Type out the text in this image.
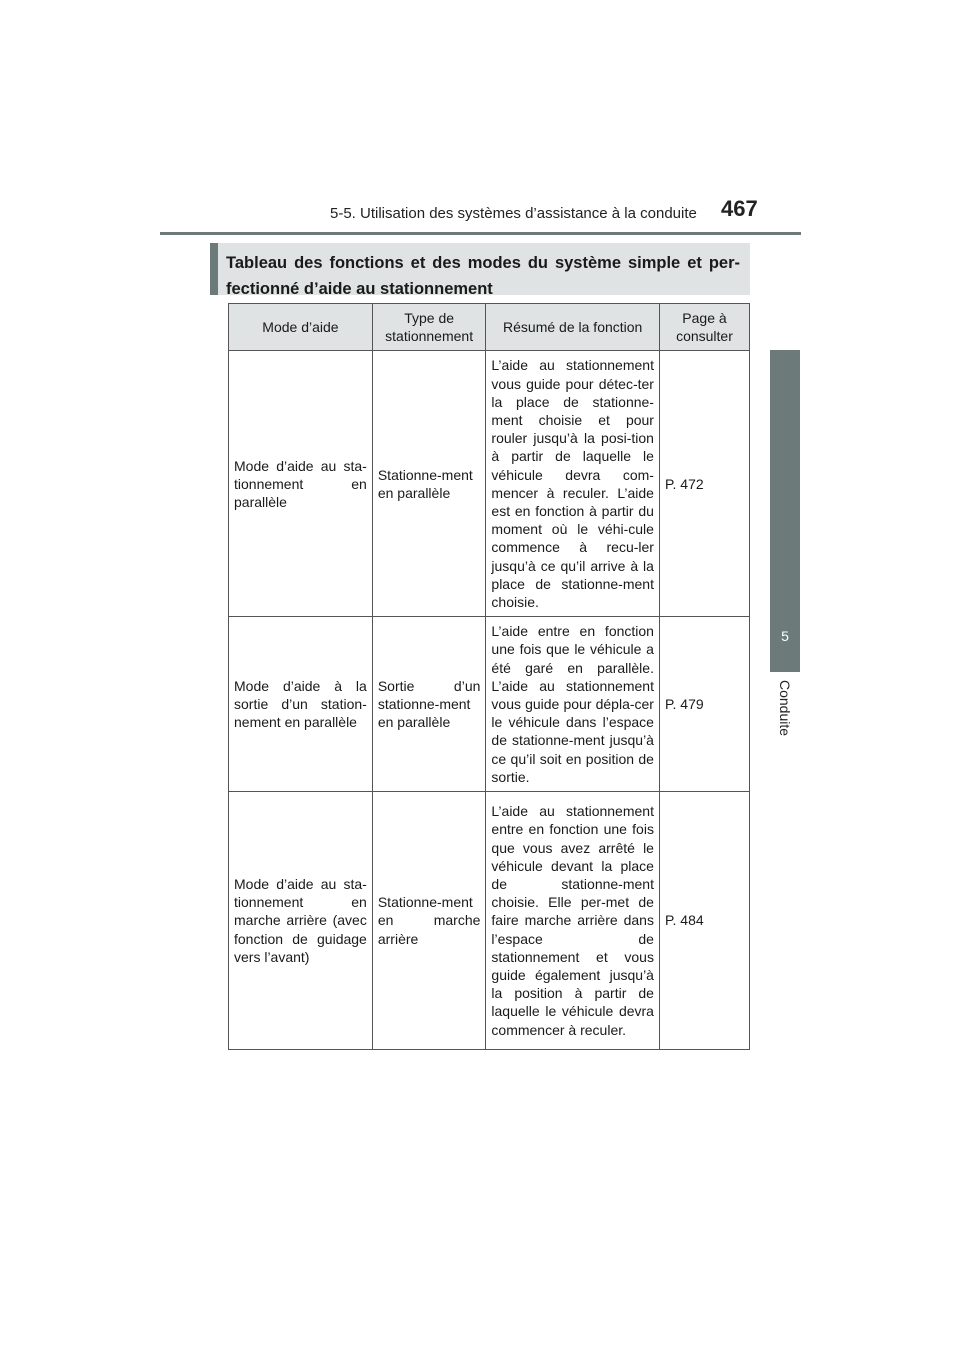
5-5. Utilisation des systèmes d’assistance à la conduite 467
5
Conduite
Tableau des fonctions et des modes du système simple et per-fectionné d’aide au stationnement
Mode d’aide	Type de stationnement	Résumé de la fonction	Page à consulter
Mode d’aide au sta-tionnement en parallèle	Stationne-ment en parallèle	L’aide au stationnement vous guide pour détec-ter la place de stationne-ment choisie et pour rouler jusqu’à la posi-tion à partir de laquelle le véhicule devra com-mencer à reculer. L’aide est en fonction à partir du moment où le véhi-cule commence à recu-ler jusqu’à ce qu’il arrive à la place de stationne-ment choisie.	P. 472
Mode d’aide à la sortie d’un station-nement en parallèle	Sortie d’un stationne-ment en parallèle	L’aide entre en fonction une fois que le véhicule a été garé en parallèle. L’aide au stationnement vous guide pour dépla-cer le véhicule dans l’espace de stationne-ment jusqu’à ce qu’il soit en position de sortie.	P. 479
Mode d’aide au sta-tionnement en marche arrière (avec fonction de guidage vers l’avant)	Stationne-ment en marche arrière	L’aide au stationnement entre en fonction une fois que vous avez arrêté le véhicule devant la place de stationne-ment choisie. Elle per-met de faire marche arrière dans l’espace de stationnement et vous guide également jusqu’à la position à partir de laquelle le véhicule devra commencer à reculer.	P. 484
